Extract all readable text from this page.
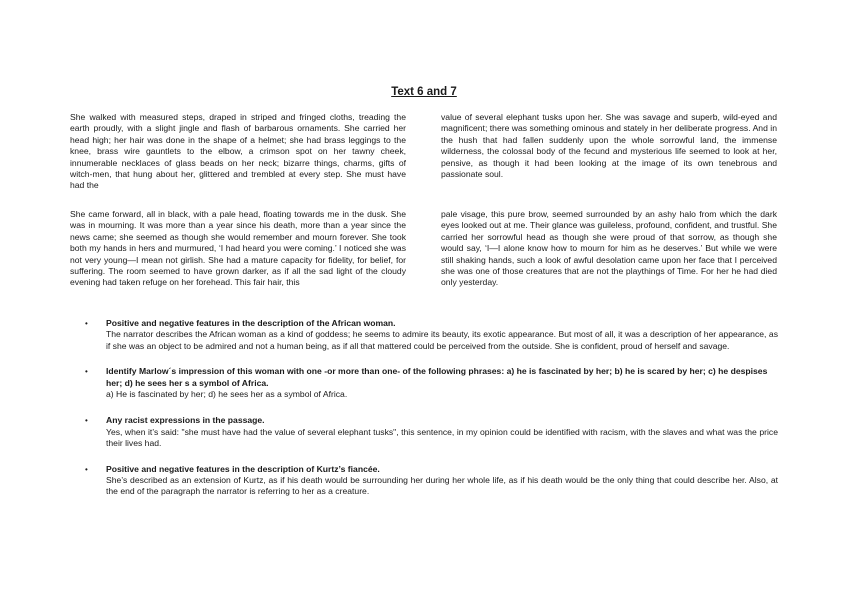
Text 6 and 7
She walked with measured steps, draped in striped and fringed cloths, treading the earth proudly, with a slight jingle and flash of barbarous ornaments. She carried her head high; her hair was done in the shape of a helmet; she had brass leggings to the knee, brass wire gauntlets to the elbow, a crimson spot on her tawny cheek, innumerable necklaces of glass beads on her neck; bizarre things, charms, gifts of witch-men, that hung about her, glittered and trembled at every step. She must have had the
value of several elephant tusks upon her. She was savage and superb, wild-eyed and magnificent; there was something ominous and stately in her deliberate progress. And in the hush that had fallen suddenly upon the whole sorrowful land, the immense wilderness, the colossal body of the fecund and mysterious life seemed to look at her, pensive, as though it had been looking at the image of its own tenebrous and passionate soul.
She came forward, all in black, with a pale head, floating towards me in the dusk. She was in mourning. It was more than a year since his death, more than a year since the news came; she seemed as though she would remember and mourn forever. She took both my hands in hers and murmured, ‘I had heard you were coming.’ I noticed she was not very young—I mean not girlish. She had a mature capacity for fidelity, for belief, for suffering. The room seemed to have grown darker, as if all the sad light of the cloudy evening had taken refuge on her forehead. This fair hair, this
pale visage, this pure brow, seemed surrounded by an ashy halo from which the dark eyes looked out at me. Their glance was guileless, profound, confident, and trustful. She carried her sorrowful head as though she were proud of that sorrow, as though she would say, ‘I—I alone know how to mourn for him as he deserves.’ But while we were still shaking hands, such a look of awful desolation came upon her face that I perceived she was one of those creatures that are not the playthings of Time. For her he had died only yesterday.
•	Positive and negative features in the description of the African woman.
The narrator describes the African woman as a kind of goddess; he seems to admire its beauty, its exotic appearance. But most of all, it was a description of her appearance, as if she was an object to be admired and not a human being, as if all that mattered could be perceived from the outside. She is confident, proud of herself and savage.
•	Identify Marlow´s impression of this woman with one -or more than one- of the following phrases: a) he is fascinated by her; b) he is scared by her; c) he despises her; d) he sees her s a symbol of Africa.
a) He is fascinated by her; d) he sees her as a symbol of Africa.
•	Any racist expressions in the passage.
Yes, when it’s said: "she must have had the value of several elephant tusks", this sentence, in my opinion could be identified with racism, with the slaves and what was the price their lives had.
•	Positive and negative features in the description of Kurtz’s fiancée.
She’s described as an extension of Kurtz, as if his death would be surrounding her during her whole life, as if his death would be the only thing that could describe her. Also, at the end of the paragraph the narrator is referring to her as a creature.
